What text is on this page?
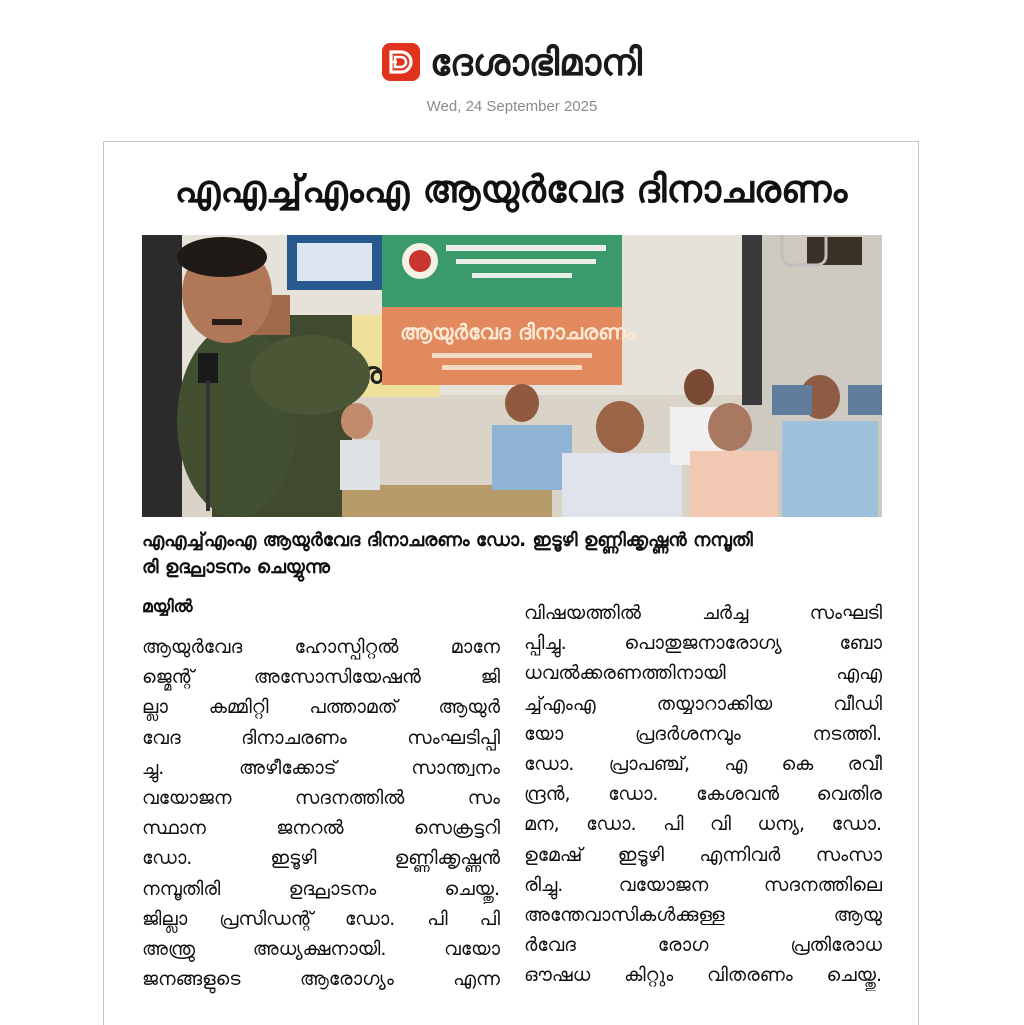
ദേശാഭിമാനി
Wed, 24 September 2025
എഎച്ച്എംഎ ആയുർവേദ ദിനാചരണം
ആയുർവേദ ദിനാചരണം
എഎച്ച്എംഎ ആയുർവേദ ദിനാചരണം ഡോ. ഇടൂഴി ഉണ്ണിക്കൃഷ്ണൻ നമ്പൂതി
രി ഉദ്ഘാടനം ചെയ്യുന്നു
മയ്യിൽ
ആയുർവേദ ഹോസ്പിറ്റൽ മാനേ
ജ്മെന്റ് അസോസിയേഷൻ ജി
ല്ലാ കമ്മിറ്റി പത്താമത് ആയുർ
വേദ ദിനാചരണം സംഘടിപ്പി
ച്ചു. അഴീക്കോട് സാന്ത്വനം
വയോജന സദനത്തിൽ സം
സ്ഥാന ജനറൽ സെക്രട്ടറി
ഡോ. ഇടൂഴി ഉണ്ണിക്കൃഷ്ണൻ
നമ്പൂതിരി ഉദ്ഘാടനം ചെയ്തു.
ജില്ലാ പ്രസിഡന്റ് ഡോ. പി പി
അന്ത്രു അധ്യക്ഷനായി. വയോ
ജനങ്ങളുടെ ആരോഗ്യം എന്ന
വിഷയത്തിൽ ചർച്ച സംഘടി
പ്പിച്ചു. പൊതുജനാരോഗ്യ ബോ
ധവൽക്കരണത്തിനായി എഎ
ച്ച്എംഎ തയ്യാറാക്കിയ വീഡി
യോ പ്രദർശനവും നടത്തി.
ഡോ. പ്രാപഞ്ച്, എ കെ രവീ
ന്ദ്രൻ, ഡോ. കേശവൻ വെതിര
മന, ഡോ. പി വി ധന്യ, ഡോ.
ഉമേഷ് ഇടൂഴി എന്നിവർ സംസാ
രിച്ചു. വയോജന സദനത്തിലെ
അന്തേവാസികൾക്കുള്ള ആയു
ർവേദ രോഗ പ്രതിരോധ
ഔഷധ കിറ്റും വിതരണം ചെയ്തു.
